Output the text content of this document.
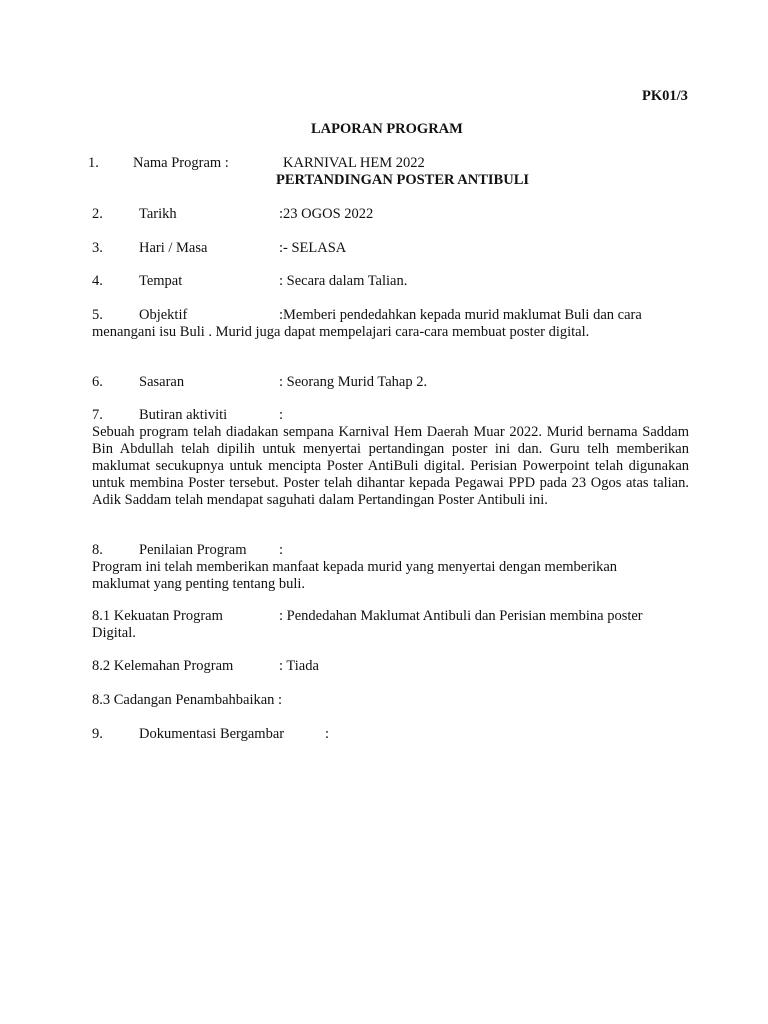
PK01/3
LAPORAN PROGRAM
1. Nama Program :	KARNIVAL HEM 2022
PERTANDINGAN POSTER ANTIBULI
2. Tarikh	:23 OGOS 2022
3. Hari / Masa	:- SELASA
4. Tempat	: Secara dalam Talian.
5. Objektif	:Memberi pendedahkan kepada murid maklumat Buli dan cara
menangani isu Buli . Murid juga dapat mempelajari cara-cara membuat poster digital.
6. Sasaran	: Seorang Murid Tahap 2.
7. Butiran aktiviti	:
Sebuah program telah diadakan sempana Karnival Hem Daerah Muar 2022. Murid bernama Saddam Bin Abdullah telah dipilih untuk menyertai pertandingan poster ini dan. Guru telh memberikan maklumat secukupnya untuk mencipta Poster AntiBuli digital. Perisian Powerpoint telah digunakan untuk membina Poster tersebut. Poster telah dihantar kepada Pegawai PPD pada 23 Ogos atas talian. Adik Saddam telah mendapat saguhati dalam Pertandingan Poster Antibuli ini.
8. Penilaian Program :
Program ini telah memberikan manfaat kepada murid yang menyertai dengan memberikan maklumat yang penting tentang buli.
8.1 Kekuatan Program	: Pendedahan Maklumat Antibuli dan Perisian membina poster
Digital.
8.2 Kelemahan Program	: Tiada
8.3 Cadangan Penambahbaikan :
9. Dokumentasi Bergambar	:
